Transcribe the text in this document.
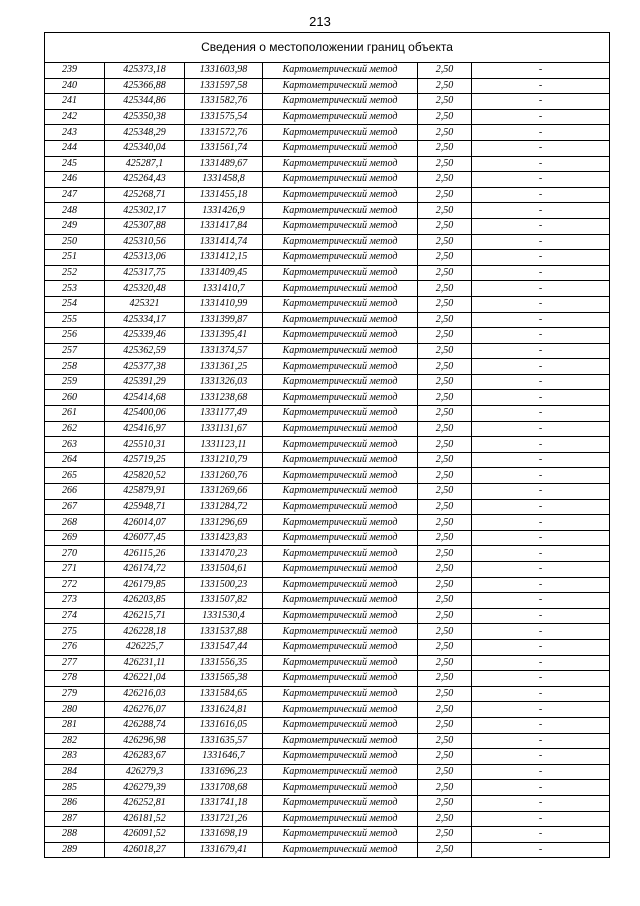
213
Сведения о местоположении границ объекта
239	425373,18	1331603,98	Картометрический метод	2,50	-
240	425366,88	1331597,58	Картометрический метод	2,50	-
241	425344,86	1331582,76	Картометрический метод	2,50	-
242	425350,38	1331575,54	Картометрический метод	2,50	-
243	425348,29	1331572,76	Картометрический метод	2,50	-
244	425340,04	1331561,74	Картометрический метод	2,50	-
245	425287,1	1331489,67	Картометрический метод	2,50	-
246	425264,43	1331458,8	Картометрический метод	2,50	-
247	425268,71	1331455,18	Картометрический метод	2,50	-
248	425302,17	1331426,9	Картометрический метод	2,50	-
249	425307,88	1331417,84	Картометрический метод	2,50	-
250	425310,56	1331414,74	Картометрический метод	2,50	-
251	425313,06	1331412,15	Картометрический метод	2,50	-
252	425317,75	1331409,45	Картометрический метод	2,50	-
253	425320,48	1331410,7	Картометрический метод	2,50	-
254	425321	1331410,99	Картометрический метод	2,50	-
255	425334,17	1331399,87	Картометрический метод	2,50	-
256	425339,46	1331395,41	Картометрический метод	2,50	-
257	425362,59	1331374,57	Картометрический метод	2,50	-
258	425377,38	1331361,25	Картометрический метод	2,50	-
259	425391,29	1331326,03	Картометрический метод	2,50	-
260	425414,68	1331238,68	Картометрический метод	2,50	-
261	425400,06	1331177,49	Картометрический метод	2,50	-
262	425416,97	1331131,67	Картометрический метод	2,50	-
263	425510,31	1331123,11	Картометрический метод	2,50	-
264	425719,25	1331210,79	Картометрический метод	2,50	-
265	425820,52	1331260,76	Картометрический метод	2,50	-
266	425879,91	1331269,66	Картометрический метод	2,50	-
267	425948,71	1331284,72	Картометрический метод	2,50	-
268	426014,07	1331296,69	Картометрический метод	2,50	-
269	426077,45	1331423,83	Картометрический метод	2,50	-
270	426115,26	1331470,23	Картометрический метод	2,50	-
271	426174,72	1331504,61	Картометрический метод	2,50	-
272	426179,85	1331500,23	Картометрический метод	2,50	-
273	426203,85	1331507,82	Картометрический метод	2,50	-
274	426215,71	1331530,4	Картометрический метод	2,50	-
275	426228,18	1331537,88	Картометрический метод	2,50	-
276	426225,7	1331547,44	Картометрический метод	2,50	-
277	426231,11	1331556,35	Картометрический метод	2,50	-
278	426221,04	1331565,38	Картометрический метод	2,50	-
279	426216,03	1331584,65	Картометрический метод	2,50	-
280	426276,07	1331624,81	Картометрический метод	2,50	-
281	426288,74	1331616,05	Картометрический метод	2,50	-
282	426296,98	1331635,57	Картометрический метод	2,50	-
283	426283,67	1331646,7	Картометрический метод	2,50	-
284	426279,3	1331696,23	Картометрический метод	2,50	-
285	426279,39	1331708,68	Картометрический метод	2,50	-
286	426252,81	1331741,18	Картометрический метод	2,50	-
287	426181,52	1331721,26	Картометрический метод	2,50	-
288	426091,52	1331698,19	Картометрический метод	2,50	-
289	426018,27	1331679,41	Картометрический метод	2,50	-
